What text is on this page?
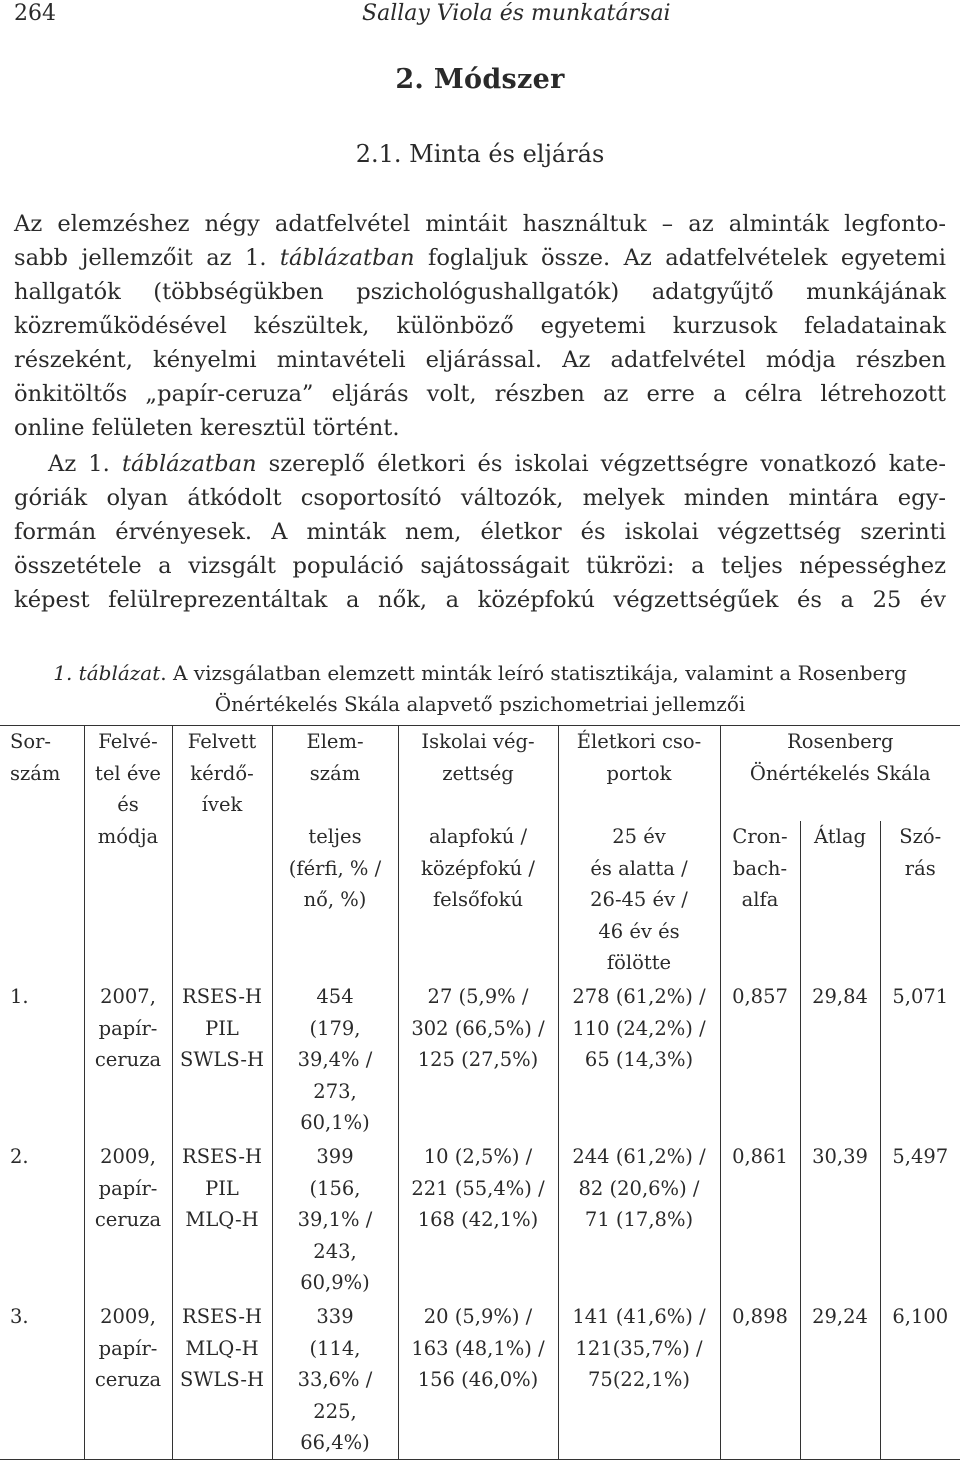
264	Sallay Viola és munkatársai
2. Módszer
2.1. Minta és eljárás
Az elemzéshez négy adatfelvétel mintáit használtuk – az alminták legfonto-
sabb jellemzőit az 1. táblázatban foglaljuk össze. Az adatfelvételek egyetemi
hallgatók (többségükben pszichológushallgatók) adatgyűjtő munkájának
közreműködésével készültek, különböző egyetemi kurzusok feladatainak
részeként, kényelmi mintavételi eljárással. Az adatfelvétel módja részben
önkitöltős „papír-ceruza” eljárás volt, részben az erre a célra létrehozott
online felületen keresztül történt.
Az 1. táblázatban szereplő életkori és iskolai végzettségre vonatkozó kate-
góriák olyan átkódolt csoportosító változók, melyek minden mintára egy-
formán érvényesek. A minták nem, életkor és iskolai végzettség szerinti
összetétele a vizsgált populáció sajátosságait tükrözi: a teljes népességhez
képest felülreprezentáltak a nők, a középfokú végzettségűek és a 25 év
1. táblázat. A vizsgálatban elemzett minták leíró statisztikája, valamint a Rosenberg
Önértékelés Skála alapvető pszichometriai jellemzői
Sor-
szám	Felvé-
tel éve
és
módja	Felvett
kérdő-
ívek	Elem-
szám	Iskolai vég-
zettség	Életkori cso-
portok	Rosenberg
Önértékelés Skála		

			teljes
(férfi, % /
nő, %)	alapfokú /
középfokú /
felsőfokú	25 év
és alatta /
26-45 év /
46 év és
fölötte	Cron-
bach-
alfa	Átlag	Szó-
rás

1.	2007,
papír-
ceruza	RSES-H
PIL
SWLS-H	454
(179,
39,4% /
273,
60,1%)	27 (5,9% /
302 (66,5%) /
125 (27,5%)	278 (61,2%) /
110 (24,2%) /
65 (14,3%)	0,857	29,84	5,071
2.	2009,
papír-
ceruza	RSES-H
PIL
MLQ-H	399
(156,
39,1% /
243,
60,9%)	10 (2,5%) /
221 (55,4%) /
168 (42,1%)	244 (61,2%) /
82 (20,6%) /
71 (17,8%)	0,861	30,39	5,497
3.	2009,
papír-
ceruza	RSES-H
MLQ-H
SWLS-H	339
(114,
33,6% /
225,
66,4%)	20 (5,9%) /
163 (48,1%) /
156 (46,0%)	141 (41,6%) /
121(35,7%) /
75(22,1%)	0,898	29,24	6,100
